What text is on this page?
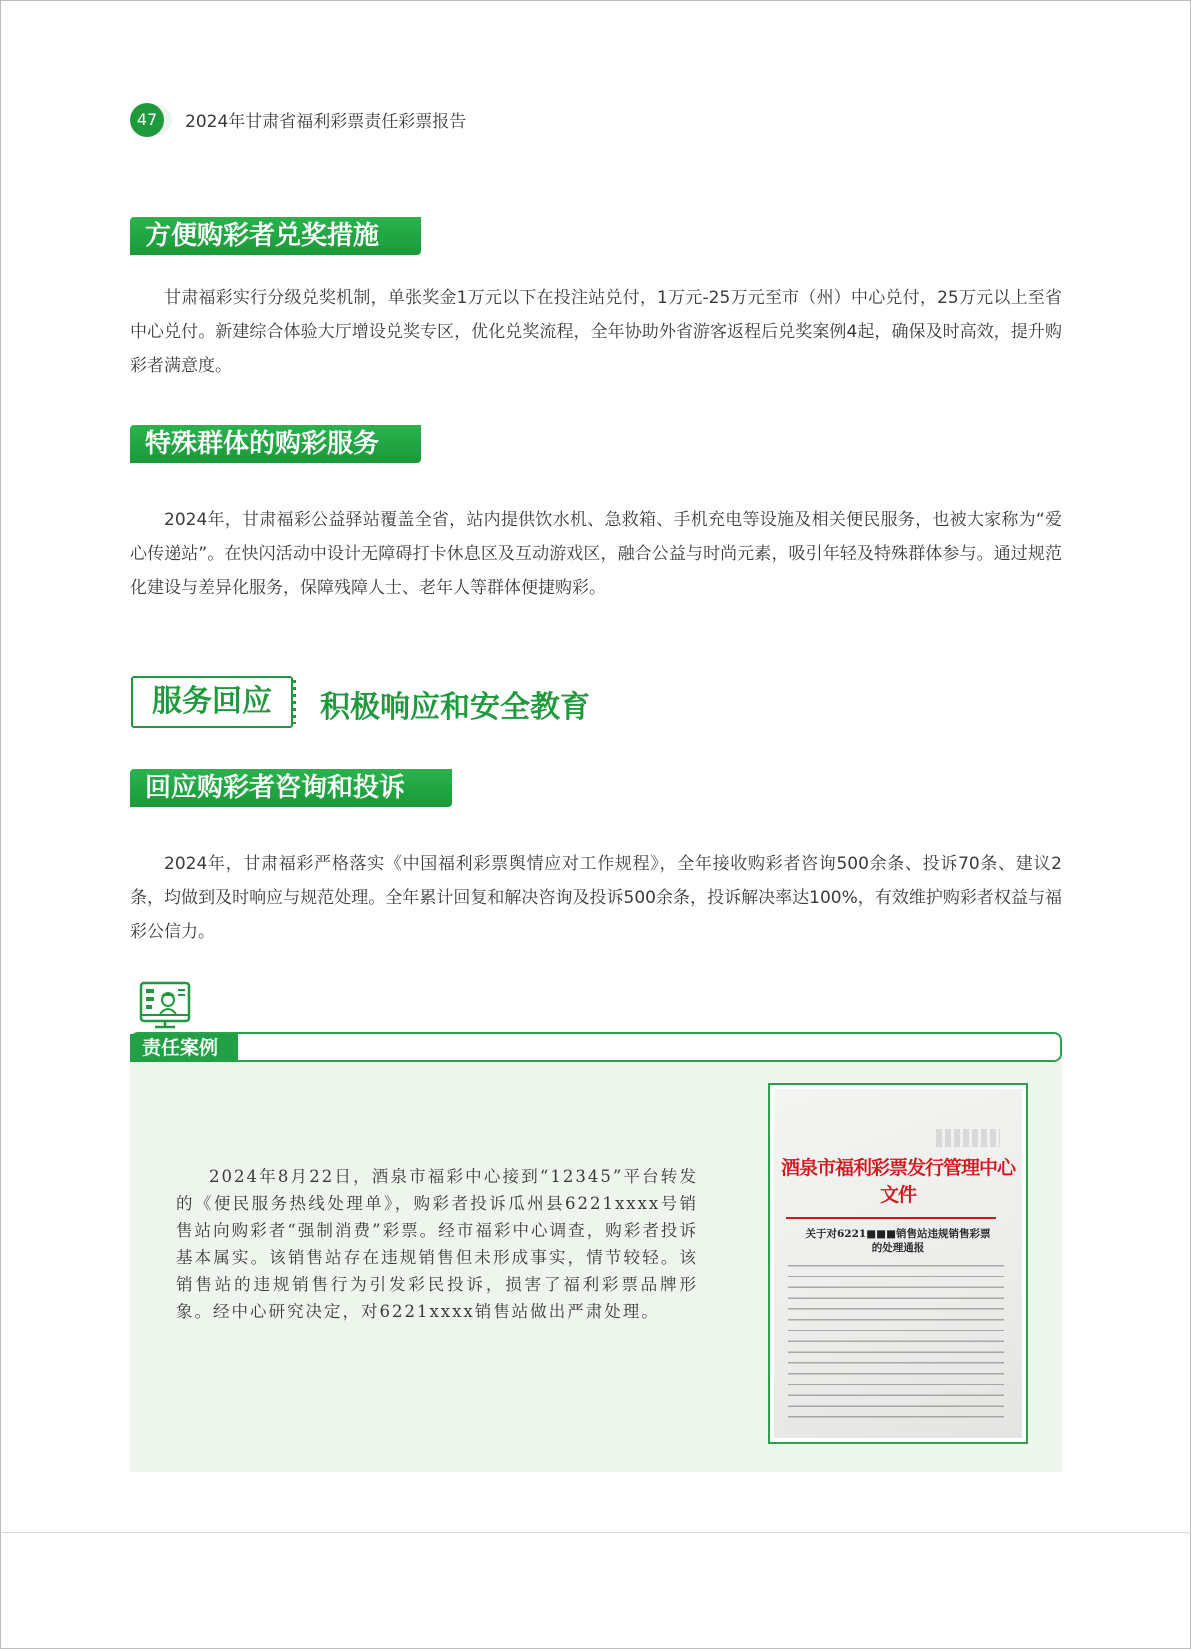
47	2024年甘肃省福利彩票责任彩票报告
方便购彩者兑奖措施

甘肃福彩实行分级兑奖机制，单张奖金1万元以下在投注站兑付，1万元-25万元至市（州）中心兑付，25万元以上至省中心兑付。新建综合体验大厅增设兑奖专区，优化兑奖流程，全年协助外省游客返程后兑奖案例4起，确保及时高效，提升购彩者满意度。

特殊群体的购彩服务

2024年，甘肃福彩公益驿站覆盖全省，站内提供饮水机、急救箱、手机充电等设施及相关便民服务，也被大家称为“爱心传递站”。在快闪活动中设计无障碍打卡休息区及互动游戏区，融合公益与时尚元素，吸引年轻及特殊群体参与。通过规范化建设与差异化服务，保障残障人士、老年人等群体便捷购彩。

服务回应	积极响应和安全教育
回应购彩者咨询和投诉

2024年，甘肃福彩严格落实《中国福利彩票舆情应对工作规程》，全年接收购彩者咨询500余条、投诉70条、建议2条，均做到及时响应与规范处理。全年累计回复和解决咨询及投诉500余条，投诉解决率达100%，有效维护购彩者权益与福彩公信力。

责任案例

2024年8月22日，酒泉市福彩中心接到“12345”平台转发的《便民服务热线处理单》，购彩者投诉瓜州县6221xxxx号销售站向购彩者“强制消费”彩票。经市福彩中心调查，购彩者投诉基本属实。该销售站存在违规销售但未形成事实，情节较轻。该销售站的违规销售行为引发彩民投诉，损害了福利彩票品牌形象。经中心研究决定，对6221xxxx销售站做出严肃处理。

酒泉市福利彩票发行管理中心文件
关于对6221■■■销售站违规销售彩票
的处理通报
